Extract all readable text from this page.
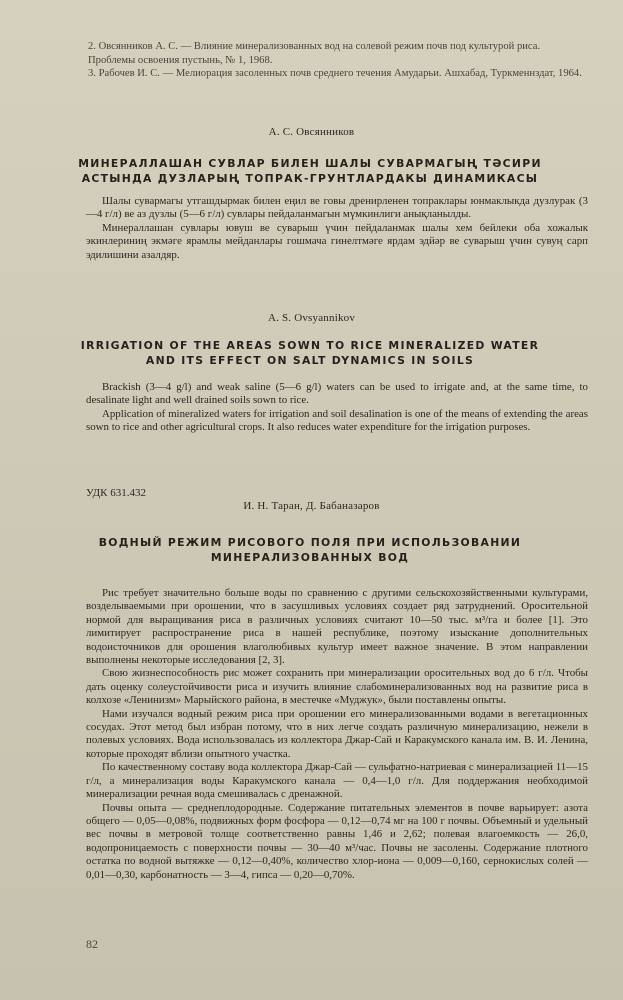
2. Овсянников А. С. — Влияние минерализованных вод на солевой режим почв под культурой риса. Проблемы освоения пустынь, № 1, 1968.

3. Рабочев И. С. — Мелиорация засоленных почв среднего течения Амударьи. Ашхабад, Туркменнздат, 1964.

А. С. Овсянников
МИНЕРАЛЛАШАН СУВЛАР БИЛЕН ШАЛЫ СУВАРМАГЫҢ ТӘСИРИ АСТЫНДА ДУЗЛАРЫҢ ТОПРАК-ГРУНТЛАРДАКЫ ДИНАМИКАСЫ

Шалы сувармагы утгашдырмак билен еңил ве говы дренирленен топраклары юнмаклыкда дузлурак (3—4 г/л) ве аз дузлы (5—6 г/л) сувлары пейдаланмагын мүмкинлиги анықланылды.

Минераллашан сувлары ювуш ве суварыш үчин пейдаланмак шалы хем бейлеки оба хожалык экинлериниң экмәге ярамлы мейданлары гошмача гинелтмәге ярдам эдйәр ве суварыш үчин сувуң сарп эдилишини азалдяр.

A. S. Ovsyannikov
IRRIGATION OF THE AREAS SOWN TO RICE MINERALIZED WATER AND ITS EFFECT ON SALT DYNAMICS IN SOILS

Brackish (3—4 g/l) and weak saline (5—6 g/l) waters can be used to irrigate and, at the same time, to desalinate light and well drained soils sown to rice.

Application of mineralized waters for irrigation and soil desalination is one of the means of extending the areas sown to rice and other agricultural crops. It also reduces water expenditure for the irrigation purposes.

УДК 631.432
И. Н. Таран, Д. Бабаназаров
ВОДНЫЙ РЕЖИМ РИСОВОГО ПОЛЯ ПРИ ИСПОЛЬЗОВАНИИ МИНЕРАЛИЗОВАННЫХ ВОД

Рис требует значительно больше воды по сравнению с другими сельскохозяйственными культурами, возделываемыми при орошении, что в засушливых условиях создает ряд затруднений. Оросительной нормой для выращивания риса в различных условиях считают 10—50 тыс. м³/га и более [1]. Это лимитирует распространение риса в нашей республике, поэтому изыскание дополнительных водоисточников для орошения влаголюбивых культур имеет важное значение. В этом направлении выполнены некоторые исследования [2, 3].

Свою жизнеспособность рис может сохранить при минерализации оросительных вод до 6 г/л. Чтобы дать оценку солеустойчивости риса и изучить влияние слабоминерализованных вод на развитие риса в колхозе «Ленинизм» Марыйского района, в местечке «Муджук», были поставлены опыты.

Нами изучался водный режим риса при орошении его минерализованными водами в вегетационных сосудах. Этот метод был избран потому, что в них легче создать различную минерализацию, нежели в полевых условиях. Вода использовалась из коллектора Джар-Сай и Каракумского канала им. В. И. Ленина, которые проходят вблизи опытного участка.

По качественному составу вода коллектора Джар-Сай — сульфатно-натриевая с минерализацией 11—15 г/л, а минерализация воды Каракумского канала — 0,4—1,0 г/л. Для поддержания необходимой минерализации речная вода смешивалась с дренажной.

Почвы опыта — среднеплодородные. Содержание питательных элементов в почве варьирует: азота общего — 0,05—0,08%, подвижных форм фосфора — 0,12—0,74 мг на 100 г почвы. Объемный и удельный вес почвы в метровой толще соответственно равны 1,46 и 2,62; полевая влагоемкость — 26,0, водопроницаемость с поверхности почвы — 30—40 м³/час. Почвы не засолены. Содержание плотного остатка по водной вытяжке — 0,12—0,40%, количество хлор-иона — 0,009—0,160, сернокислых солей — 0,01—0,30, карбонатность — 3—4, гипса — 0,20—0,70%.

82
